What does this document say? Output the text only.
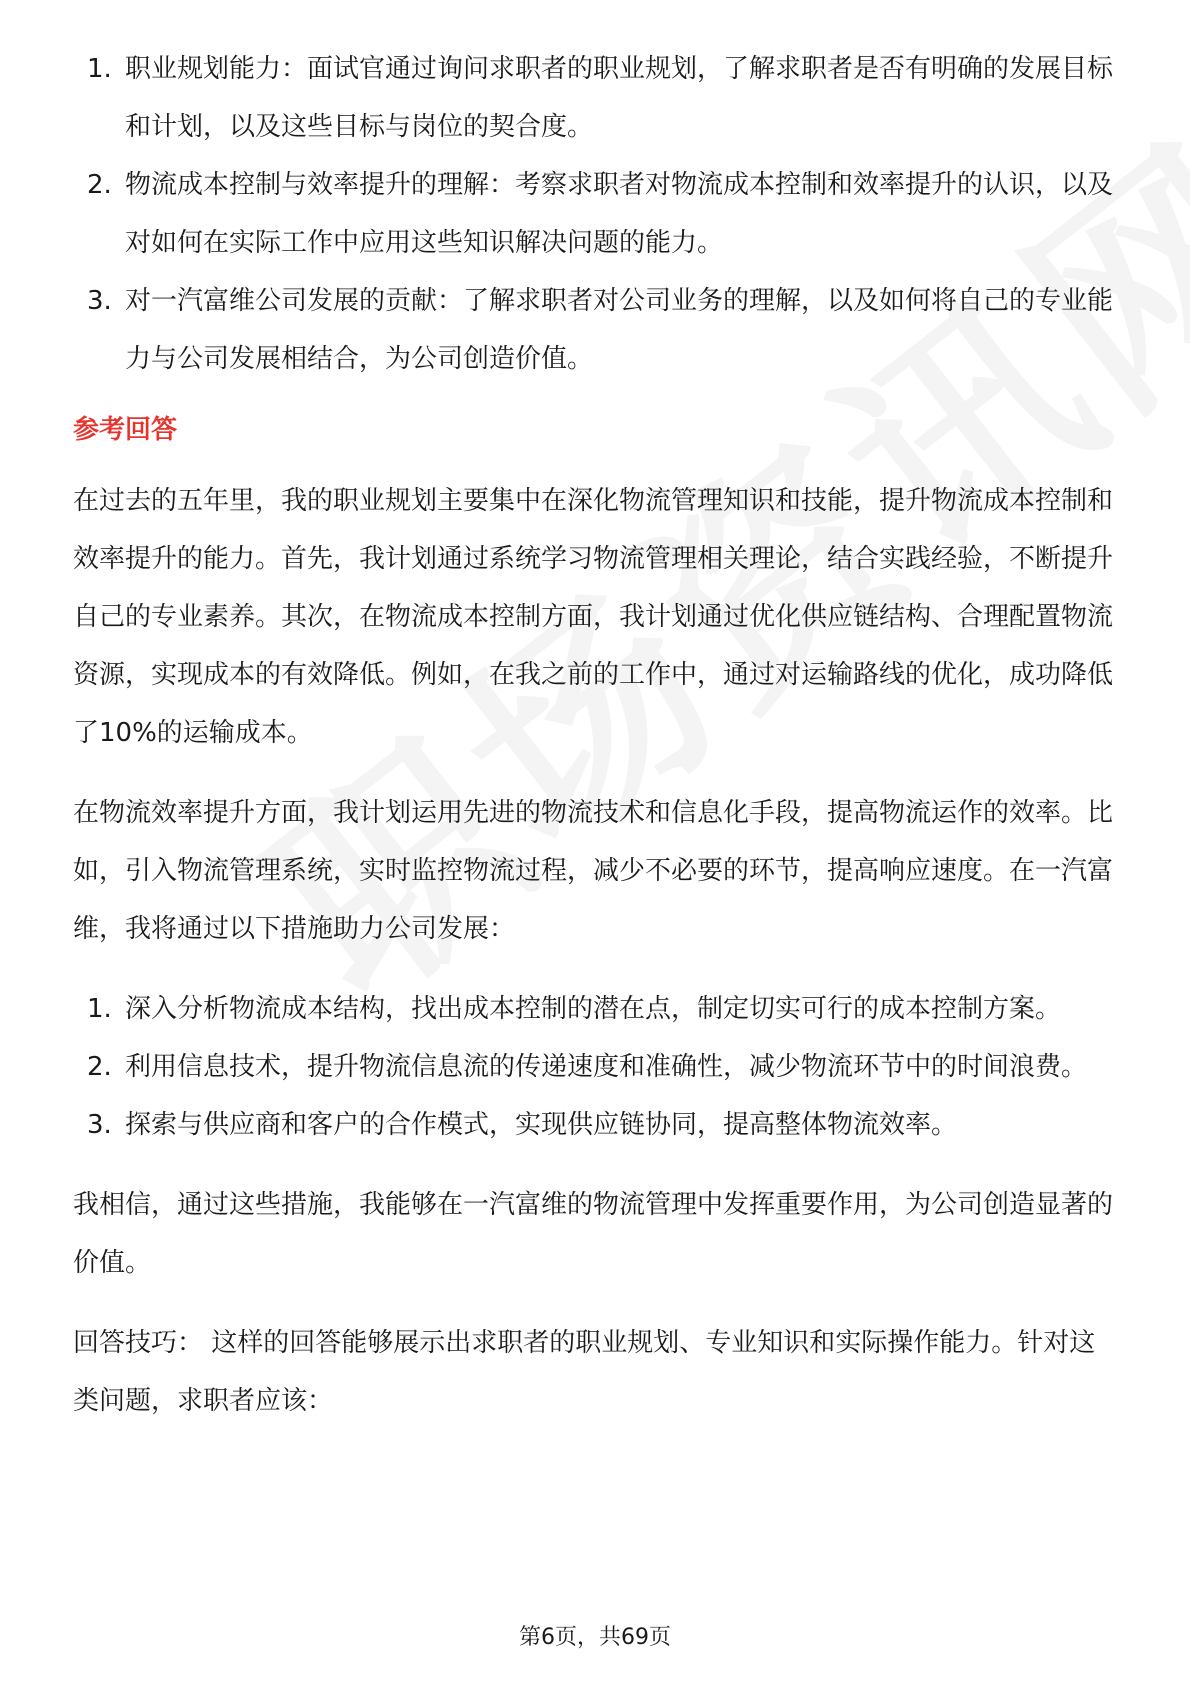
1. 职业规划能力：面试官通过询问求职者的职业规划，了解求职者是否有明确的发展目标和计划，以及这些目标与岗位的契合度。
2. 物流成本控制与效率提升的理解：考察求职者对物流成本控制和效率提升的认识，以及对如何在实际工作中应用这些知识解决问题的能力。
3. 对一汽富维公司发展的贡献：了解求职者对公司业务的理解，以及如何将自己的专业能力与公司发展相结合，为公司创造价值。
参考回答

在过去的五年里，我的职业规划主要集中在深化物流管理知识和技能，提升物流成本控制和效率提升的能力。首先，我计划通过系统学习物流管理相关理论，结合实践经验，不断提升自己的专业素养。其次，在物流成本控制方面，我计划通过优化供应链结构、合理配置物流资源，实现成本的有效降低。例如，在我之前的工作中，通过对运输路线的优化，成功降低了10%的运输成本。

在物流效率提升方面，我计划运用先进的物流技术和信息化手段，提高物流运作的效率。比如，引入物流管理系统，实时监控物流过程，减少不必要的环节，提高响应速度。在一汽富维，我将通过以下措施助力公司发展：

1. 深入分析物流成本结构，找出成本控制的潜在点，制定切实可行的成本控制方案。
2. 利用信息技术，提升物流信息流的传递速度和准确性，减少物流环节中的时间浪费。
3. 探索与供应商和客户的合作模式，实现供应链协同，提高整体物流效率。

我相信，通过这些措施，我能够在一汽富维的物流管理中发挥重要作用，为公司创造显著的价值。

回答技巧： 这样的回答能够展示出求职者的职业规划、专业知识和实际操作能力。针对这类问题，求职者应该：

第6页，共69页
